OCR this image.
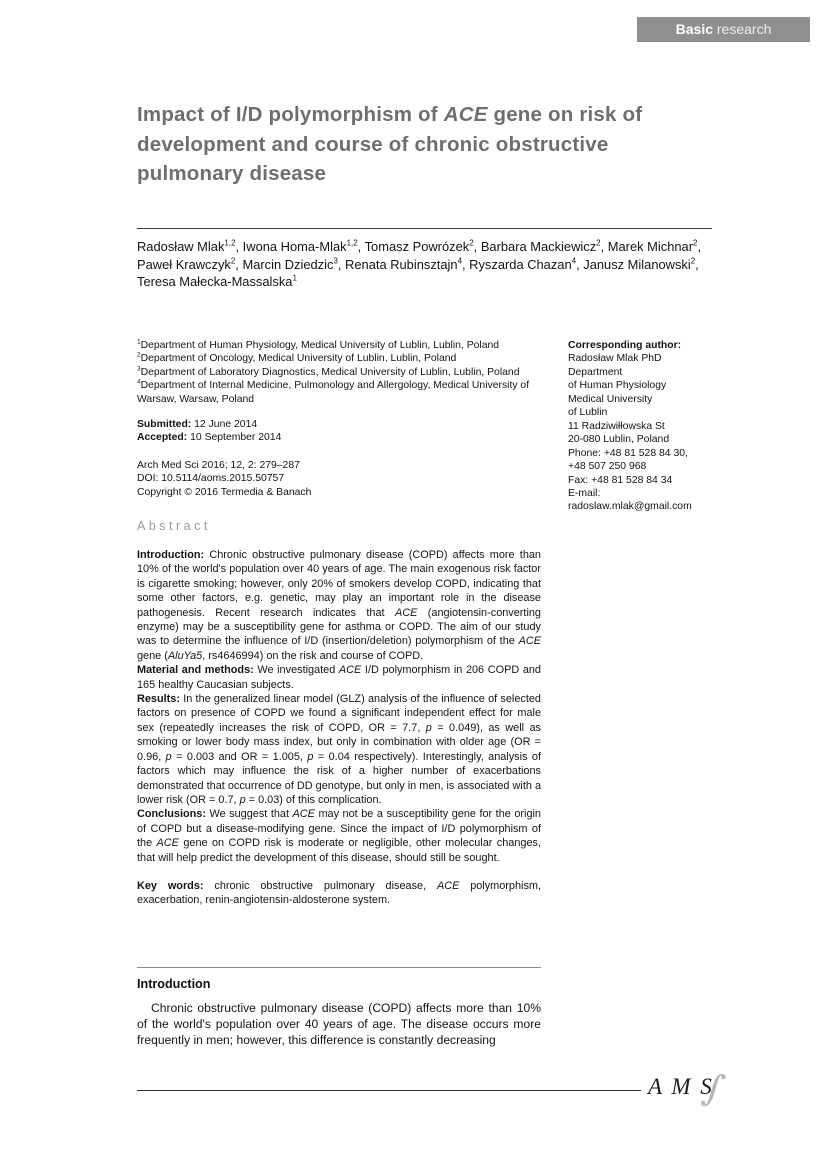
Basic research
Impact of I/D polymorphism of ACE gene on risk of development and course of chronic obstructive pulmonary disease

Radosław Mlak$^{1,2}$, Iwona Homa-Mlak$^{1,2}$, Tomasz Powrózek$^2$, Barbara Mackiewicz$^2$, Marek Michnar$^2$, Paweł Krawczyk$^2$, Marcin Dziedzic$^3$, Renata Rubinsztajn$^4$, Ryszarda Chazan$^4$, Janusz Milanowski$^2$, Teresa Małecka-Massalska$^1$

$^1$Department of Human Physiology, Medical University of Lublin, Lublin, Poland

$^2$Department of Oncology, Medical University of Lublin, Lublin, Poland

$^3$Department of Laboratory Diagnostics, Medical University of Lublin, Lublin, Poland

$^4$Department of Internal Medicine, Pulmonology and Allergology, Medical University of Warsaw, Warsaw, Poland

Submitted: 12 June 2014

Accepted: 10 September 2014

Arch Med Sci 2016; 12, 2: 279–287

DOI: 10.5114/aoms.2015.50757

Copyright © 2016 Termedia & Banach

Corresponding author:

Radosław Mlak PhD

Department

of Human Physiology

Medical University

of Lublin

11 Radziwiłłowska St

20-080 Lublin, Poland

Phone: +48 81 528 84 30,

+48 507 250 968

Fax: +48 81 528 84 34

E-mail:

radoslaw.mlak@gmail.com

Abstract

Introduction: Chronic obstructive pulmonary disease (COPD) affects more than 10% of the world's population over 40 years of age. The main exogenous risk factor is cigarette smoking; however, only 20% of smokers develop COPD, indicating that some other factors, e.g. genetic, may play an important role in the disease pathogenesis. Recent research indicates that ACE (angiotensin-converting enzyme) may be a susceptibility gene for asthma or COPD. The aim of our study was to determine the influence of I/D (insertion/deletion) polymorphism of the ACE gene (AluYa5, rs4646994) on the risk and course of COPD.

Material and methods: We investigated ACE I/D polymorphism in 206 COPD and 165 healthy Caucasian subjects.

Results: In the generalized linear model (GLZ) analysis of the influence of selected factors on presence of COPD we found a significant independent effect for male sex (repeatedly increases the risk of COPD, OR = 7.7, p = 0.049), as well as smoking or lower body mass index, but only in combination with older age (OR = 0.96, p = 0.003 and OR = 1.005, p = 0.04 respectively). Interestingly, analysis of factors which may influence the risk of a higher number of exacerbations demonstrated that occurrence of DD genotype, but only in men, is associated with a lower risk (OR = 0.7, p = 0.03) of this complication.

Conclusions: We suggest that ACE may not be a susceptibility gene for the origin of COPD but a disease-modifying gene. Since the impact of I/D polymorphism of the ACE gene on COPD risk is moderate or negligible, other molecular changes, that will help predict the development of this disease, should still be sought.

Key words: chronic obstructive pulmonary disease, ACE polymorphism, exacerbation, renin-angiotensin-aldosterone system.

Introduction

Chronic obstructive pulmonary disease (COPD) affects more than 10% of the world's population over 40 years of age. The disease occurs more frequently in men; however, this difference is constantly decreasing

A M S
∫
